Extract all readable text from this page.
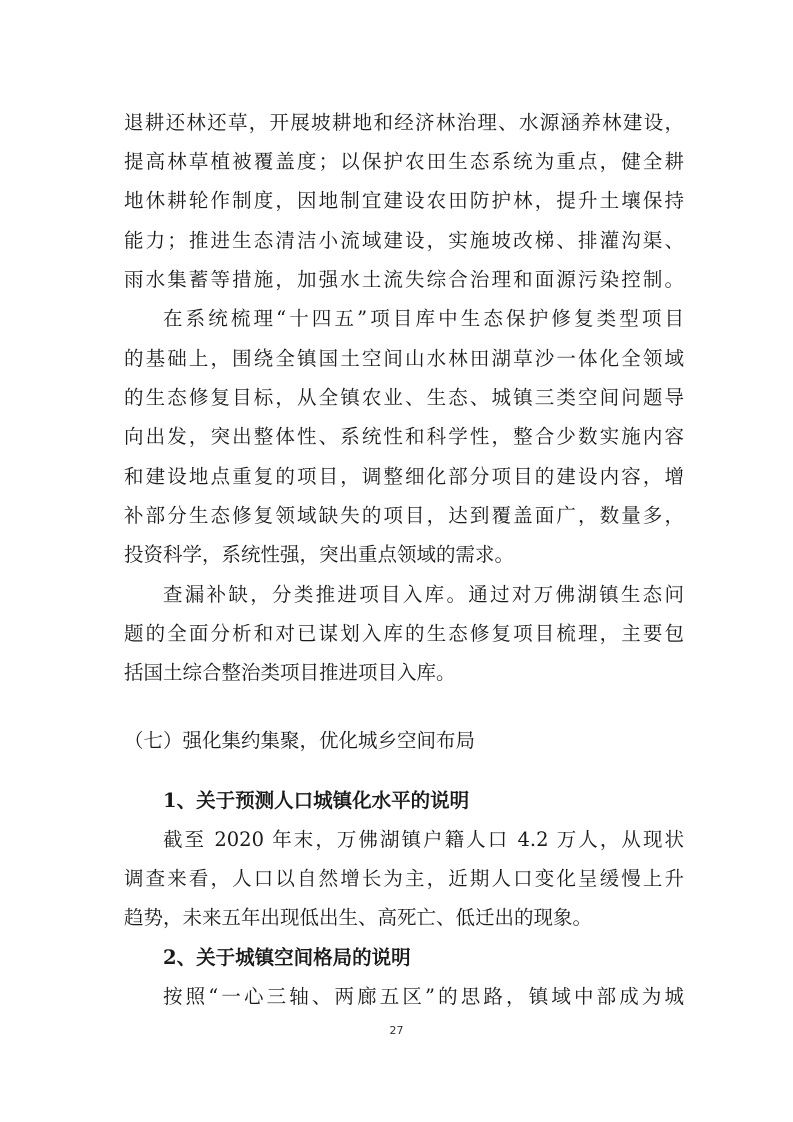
退耕还林还草，开展坡耕地和经济林治理、水源涵养林建设，
提高林草植被覆盖度；以保护农田生态系统为重点，健全耕
地休耕轮作制度，因地制宜建设农田防护林，提升土壤保持
能力；推进生态清洁小流域建设，实施坡改梯、排灌沟渠、
雨水集蓄等措施，加强水土流失综合治理和面源污染控制。
在系统梳理“十四五”项目库中生态保护修复类型项目
的基础上，围绕全镇国土空间山水林田湖草沙一体化全领域
的生态修复目标，从全镇农业、生态、城镇三类空间问题导
向出发，突出整体性、系统性和科学性，整合少数实施内容
和建设地点重复的项目，调整细化部分项目的建设内容，增
补部分生态修复领域缺失的项目，达到覆盖面广，数量多，
投资科学，系统性强，突出重点领域的需求。
查漏补缺，分类推进项目入库。通过对万佛湖镇生态问
题的全面分析和对已谋划入库的生态修复项目梳理，主要包
括国土综合整治类项目推进项目入库。
（七）强化集约集聚，优化城乡空间布局
1、关于预测人口城镇化水平的说明
截至 2020 年末，万佛湖镇户籍人口 4.2 万人，从现状
调查来看，人口以自然增长为主，近期人口变化呈缓慢上升
趋势，未来五年出现低出生、高死亡、低迁出的现象。
2、关于城镇空间格局的说明
按照“一心三轴、两廊五区”的思路，镇域中部成为城
27
